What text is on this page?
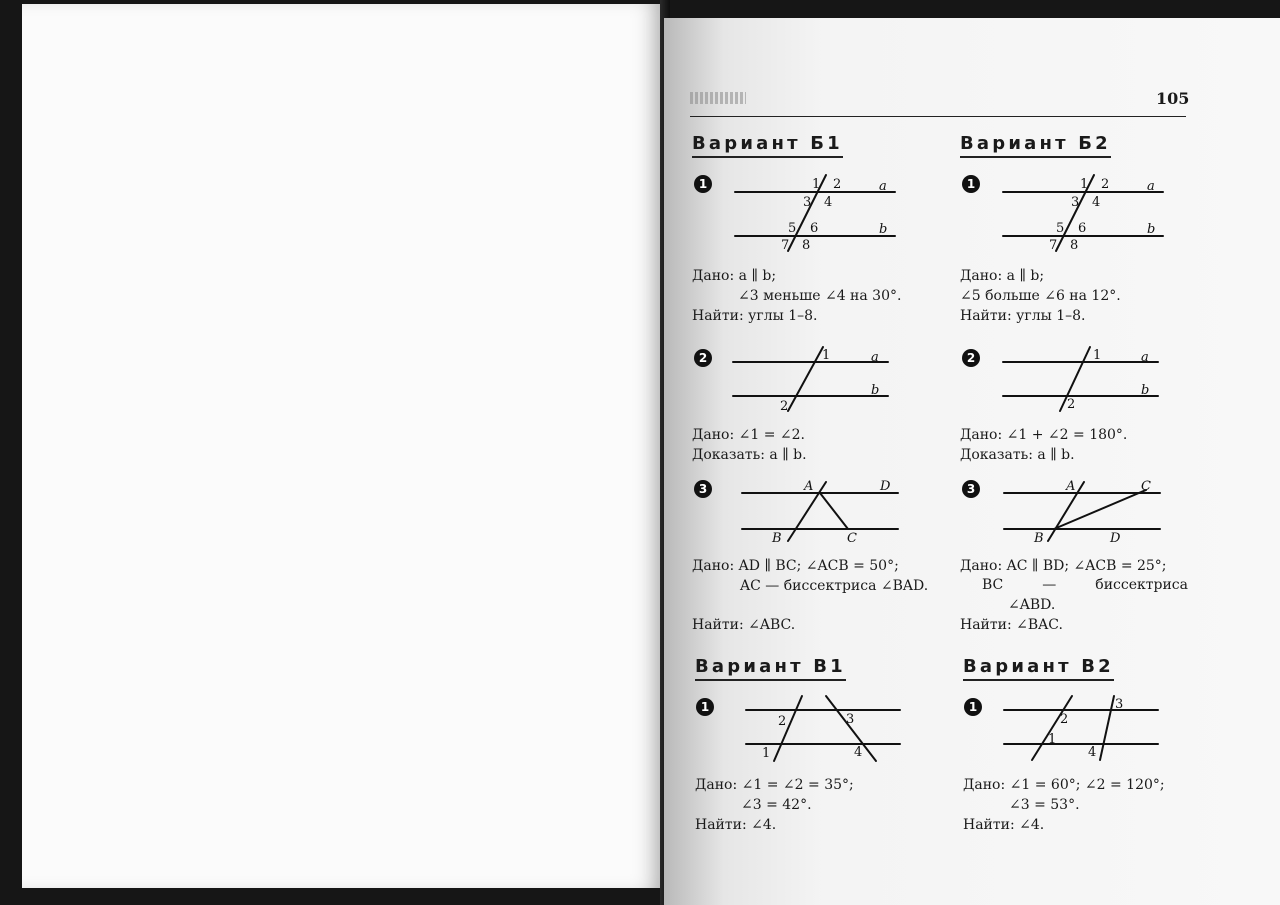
105
Вариант Б1
1	1 2
3 4
5 6
7 8
a
b
Дано: a ∥ b;
∠3 меньше ∠4 на 30°.
Найти: углы 1–8.
2	1
2
a
b
Дано: ∠1 = ∠2.
Доказать: a ∥ b.
3	A	D
B	C
Дано: AD ∥ BC; ∠ACB = 50°;
AC — биссектриса ∠BAD.
Найти: ∠ABC.
Вариант Б2
1	1 2
3 4
5 6
7 8
a
b
Дано: a ∥ b;
∠5 больше ∠6 на 12°.
Найти: углы 1–8.
2	1
2
a
b
Дано: ∠1 + ∠2 = 180°.
Доказать: a ∥ b.
3	A	C
B	D
Дано: AC ∥ BD; ∠ACB = 25°;
BC	—	биссектриса
∠ABD.
Найти: ∠BAC.
Вариант В1
1
2
1
3
4
Дано: ∠1 = ∠2 = 35°;
∠3 = 42°.
Найти: ∠4.
Вариант В2
1
2
1
3
4
Дано: ∠1 = 60°; ∠2 = 120°;
∠3 = 53°.
Найти: ∠4.
